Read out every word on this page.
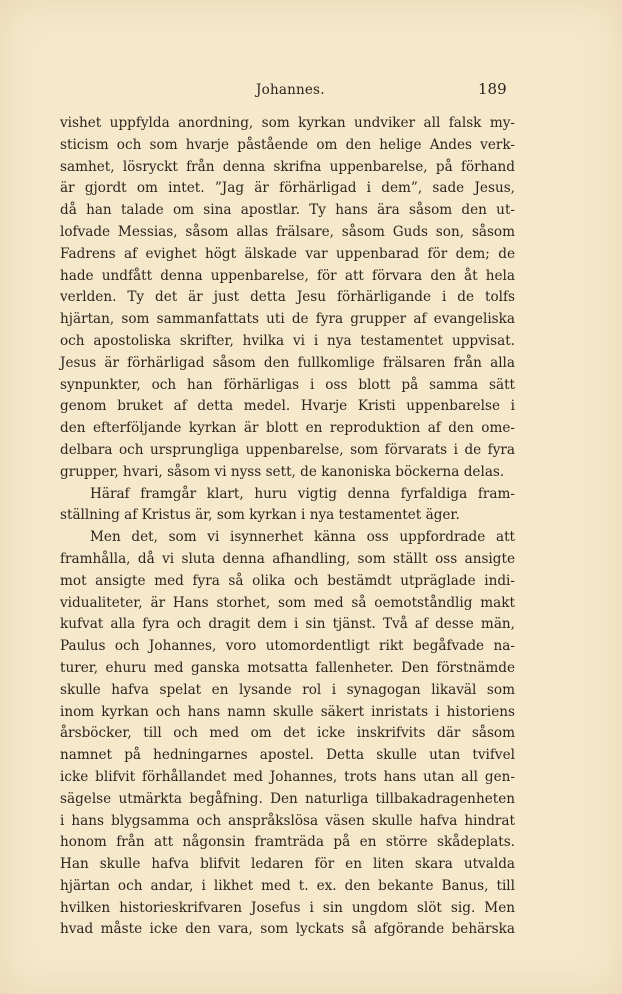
Johannes.	189
vishet uppfylda anordning, som kyrkan undviker all falsk my-
sticism och som hvarje påstående om den helige Andes verk-
samhet, lösryckt från denna skrifna uppenbarelse, på förhand
är gjordt om intet. ”Jag är förhärligad i dem”, sade Jesus,
då han talade om sina apostlar. Ty hans ära såsom den ut-
lofvade Messias, såsom allas frälsare, såsom Guds son, såsom
Fadrens af evighet högt älskade var uppenbarad för dem; de
hade undfått denna uppenbarelse, för att förvara den åt hela
verlden. Ty det är just detta Jesu förhärligande i de tolfs
hjärtan, som sammanfattats uti de fyra grupper af evangeliska
och apostoliska skrifter, hvilka vi i nya testamentet uppvisat.
Jesus är förhärligad såsom den fullkomlige frälsaren från alla
synpunkter, och han förhärligas i oss blott på samma sätt
genom bruket af detta medel. Hvarje Kristi uppenbarelse i
den efterföljande kyrkan är blott en reproduktion af den ome-
delbara och ursprungliga uppenbarelse, som förvarats i de fyra
grupper, hvari, såsom vi nyss sett, de kanoniska böckerna delas.
Häraf framgår klart, huru vigtig denna fyrfaldiga fram-
ställning af Kristus är, som kyrkan i nya testamentet äger.
Men det, som vi isynnerhet känna oss uppfordrade att
framhålla, då vi sluta denna afhandling, som ställt oss ansigte
mot ansigte med fyra så olika och bestämdt utpräglade indi-
vidualiteter, är Hans storhet, som med så oemotståndlig makt
kufvat alla fyra och dragit dem i sin tjänst. Två af desse män,
Paulus och Johannes, voro utomordentligt rikt begåfvade na-
turer, ehuru med ganska motsatta fallenheter. Den förstnämde
skulle hafva spelat en lysande rol i synagogan likaväl som
inom kyrkan och hans namn skulle säkert inristats i historiens
årsböcker, till och med om det icke inskrifvits där såsom
namnet på hedningarnes apostel. Detta skulle utan tvifvel
icke blifvit förhållandet med Johannes, trots hans utan all gen-
sägelse utmärkta begåfning. Den naturliga tillbakadragenheten
i hans blygsamma och anspråkslösa väsen skulle hafva hindrat
honom från att någonsin framträda på en större skådeplats.
Han skulle hafva blifvit ledaren för en liten skara utvalda
hjärtan och andar, i likhet med t. ex. den bekante Banus, till
hvilken historieskrifvaren Josefus i sin ungdom slöt sig. Men
hvad måste icke den vara, som lyckats så afgörande behärska
